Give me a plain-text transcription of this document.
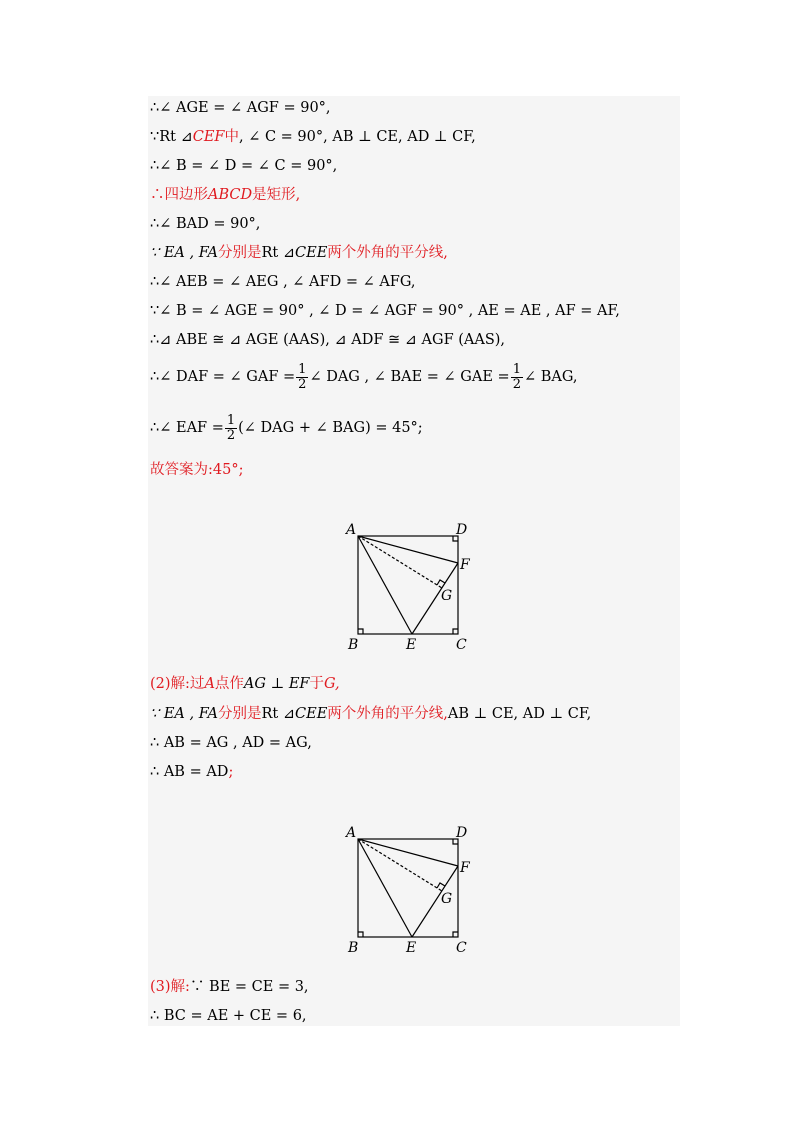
∴∠ AGE = ∠ AGF = 90°,
∵Rt ⊿CEF中, ∠ C = 90°, AB ⊥ CE, AD ⊥ CF,
∴∠ B = ∠ D = ∠ C = 90°,
∴四边形ABCD是矩形,
∴∠ BAD = 90°,
∵ EA , FA分别是Rt ⊿CEE两个外角的平分线,
∴∠ AEB = ∠ AEG , ∠ AFD = ∠ AFG,
∵∠ B = ∠ AGE = 90° , ∠ D = ∠ AGF = 90° , AE = AE , AF = AF,
∴⊿ ABE ≅ ⊿ AGE (AAS), ⊿ ADF ≅ ⊿ AGF (AAS),
∴∠ DAF = ∠ GAF = $\frac{1}{2}$ ∠ DAG , ∠ BAE = ∠ GAE = $\frac{1}{2}$ ∠ BAG,
∴∠ EAF = $\frac{1}{2}$ (∠ DAG + ∠ BAG) = 45°;
故答案为:45°;
A	D
F
G
B	E	C
(2)解:过A点作AG ⊥ EF于G,
∵ EA , FA分别是Rt ⊿CEE两个外角的平分线,AB ⊥ CE, AD ⊥ CF,
∴ AB = AG , AD = AG,
∴ AB = AD;
A	D
F
G
B	E	C
(3)解:∵ BE = CE = 3,
∴ BC = AE + CE = 6,
